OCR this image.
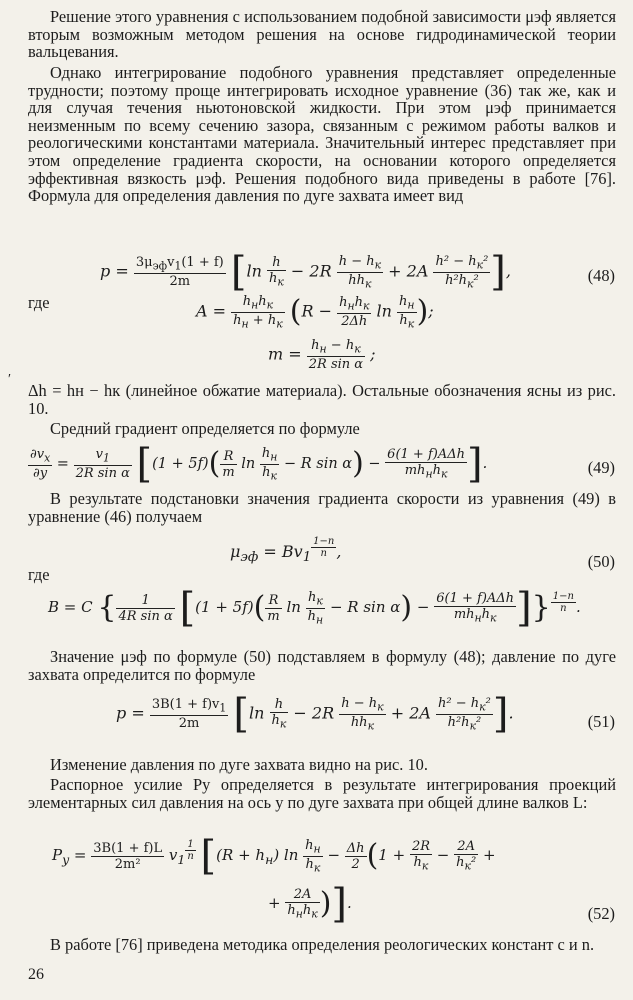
Решение этого уравнения с использованием подобной зависимости μэф является вторым возможным методом решения на основе гидродинамической теории вальцевания.

Однако интегрирование подобного уравнения представляет определенные трудности; поэтому проще интегрировать исходное уравнение (36) так же, как и для случая течения ньютоновской жидкости. При этом μэф принимается неизменным по всему сечению зазора, связанным с режимом работы валков и реологическими константами материала. Значительный интерес представляет при этом определение градиента скорости, на основании которого определяется эффективная вязкость μэф. Решения подобного вида приведены в работе [76]. Формула для определения давления по дуге захвата имеет вид

$p = \frac{3\mu_{эф}v_1(1 + f)}{2m} [\ln \frac{h}{h_к} - 2R \frac{h - h_к}{hh_к} + 2A \frac{h^2 - h_к^2}{h^2h_к^2}$ ],	(48)
где	$A = \frac{h_нh_к}{h_н + h_к} (R - \frac{h_нh_к}{2\Delta h}$ $\ln \frac{h_н}{h_к}$ );
$m = \frac{h_н - h_к}{\text{2R sin α}}$ ;
′

Δh = hн − hк (линейное обжатие материала). Остальные обозначения ясны из рис. 10.

Средний градиент определяется по формуле

$\frac{\partial v_x}{\partial y} = \frac{v_1}{\text{2R sin α}} [(1 + 5f)( \frac{R}{m}$ $\ln \frac{h_н}{h_к} - R$ $\sin \alpha) - \frac{\text{6(1 + f)AΔh}}{mh_нh_к}$ ].	(49)

В результате подстановки значения градиента скорости из уравнения (49) в уравнение (46) получаем

$\mu_{эф} = Bv_1$ $^{\frac{1-n}{n}}$ ,
(50)
где
B = C { $\frac{1}{\text{4R sin α}} [(1 + 5f)( \frac{R}{m}$ $\ln \frac{h_к}{h_н} - R$ $\sin \alpha) - \frac{\text{6(1 + f)AΔh}}{mh_нh_к}$ ]} $^{\frac{1-n}{n}}$ .

Значение μэф по формуле (50) подставляем в формулу (48); давление по дуге захвата определится по формуле

$p = \frac{3B(1 + f)v_1}{2m} [\ln \frac{h}{h_к} - 2R \frac{h - h_к}{hh_к} + 2A \frac{h^2 - h_к^2}{h^2h_к^2}$ ].	(51)

Изменение давления по дуге захвата видно на рис. 10.

Распорное усилие Py определяется в результате интегрирования проекций элементарных сил давления на ось y по дуге захвата при общей длине валков L:

$P_y = \frac{3B(1 + f)L}{\text{2m²}} v_1$ $^{\frac{1}{n}}$ [$(R + h_н)$ $\ln \frac{h_н}{h_к} - \frac{\Delta h}{2} (1 + \frac{2R}{h_к} - \frac{2A}{h_к^2}$ +
+ $\frac{2A}{h_нh_к}$ )].
(52)

В работе [76] приведена методика определения реологических констант c и n.

26
